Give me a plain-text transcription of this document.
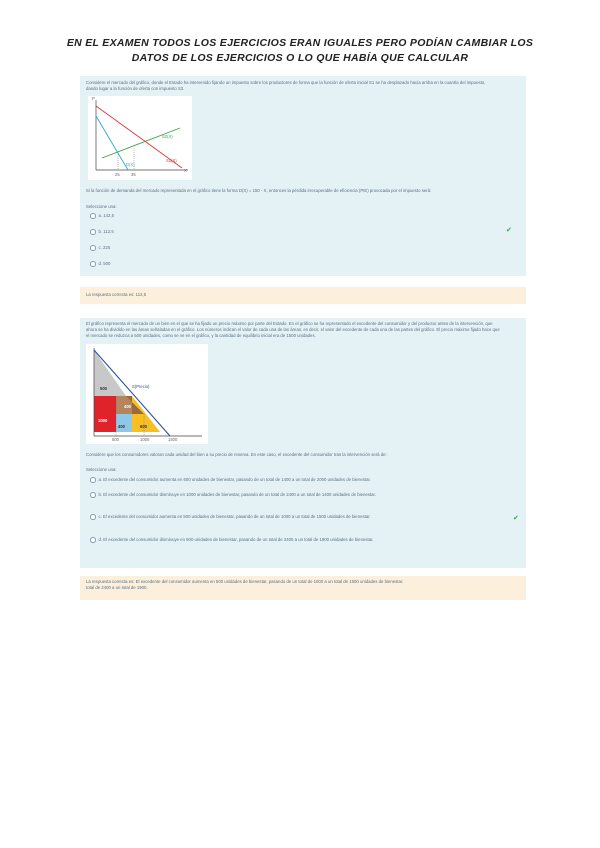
EN EL EXAMEN TODOS LOS EJERCICIOS ERAN IGUALES PERO PODÍAN CAMBIAR LOS
DATOS DE LOS EJERCICIOS O LO QUE HABÍA QUE CALCULAR
Considere el mercado del gráfico, donde el Estado ha intervenido fijando un impuesto sobre los productores de forma que la función de oferta inicial S1 se ha desplazado hacia arriba en la cuantía del impuesto,
dando lugar a la función de oferta con impuesto S2.
P
X
S2(X)
S1(X)
D(X)
25	35
Si la función de demanda del mercado representada en el gráfico tiene la forma D(X) = 150 - X, entonces la pérdida irrecuperable de eficiencia (PIE) provocada por el impuesto será:
Seleccione una:
a. 142,5
b. 112,5	✔
c. 225
d. 500
La respuesta correcta es: 112,5
El gráfico representa el mercado de un bien en el que se ha fijado un precio máximo por parte del Estado. En el gráfico se ha representado el excedente del consumidor y del productor antes de la intervención, que
ahora se ha dividido en las áreas señaladas en el gráfico. Los números indican el valor de cada una de las áreas, es decir, el valor del excedente de cada una de las partes del gráfico. El precio máximo fijado hace que
el mercado se reduzca a 500 unidades, como se ve en el gráfico, y la cantidad de equilibrio inicial era de 1500 unidades.
500
400
1000
400	600
S(Precio)
500	1000	1500
Considere que los consumidores valoran cada unidad del bien a su precio de reserva. En este caso, el excedente del consumidor tras la intervención será de:
Seleccione una:
a. El excedente del consumidor aumenta en 600 unidades de bienestar, pasando de un total de 1400 a un total de 2000 unidades de bienestar.
b. El excedente del consumidor disminuye en 1000 unidades de bienestar, pasando de un total de 2400 a un total de 1400 unidades de bienestar.
c. El excedente del consumidor aumenta en 500 unidades de bienestar, pasando de un total de 1000 a un total de 1500 unidades de bienestar.	✔
d. El excedente del consumidor disminuye en 500 unidades de bienestar, pasando de un total de 2400 a un total de 1900 unidades de bienestar.
La respuesta correcta es: El excedente del consumidor aumenta en 500 unidades de bienestar, pasando de un total de 1000 a un total de 1500 unidades de bienestar.
total de 2400 a un total de 1900.
